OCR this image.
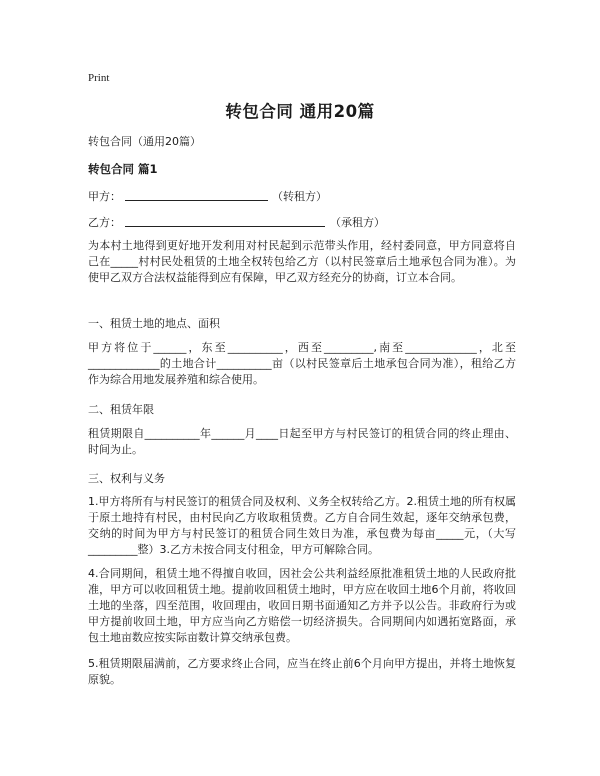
Print
转包合同 通用20篇
转包合同（通用20篇）
转包合同 篇1
甲方：	（转租方）
乙方：	（承租方）
为本村土地得到更好地开发利用对村民起到示范带头作用，经村委同意，甲方同意将自己在_____村村民处租赁的土地全权转包给乙方（以村民签章后土地承包合同为准）。为使甲乙双方合法权益能得到应有保障，甲乙双方经充分的协商，订立本合同。
一、租赁土地的地点、面积
甲方将位于______，东至__________，西至_________,南至_____________，北至_____________的土地合计__________亩（以村民签章后土地承包合同为准），租给乙方作为综合用地发展养殖和综合使用。
二、租赁年限
租赁期限自__________年______月____日起至甲方与村民签订的租赁合同的终止理由、时间为止。
三、权利与义务
1.甲方将所有与村民签订的租赁合同及权利、义务全权转给乙方。2.租赁土地的所有权属于原土地持有村民，由村民向乙方收取租赁费。乙方自合同生效起，逐年交纳承包费，交纳的时间为甲方与村民签订的租赁合同生效日为准，承包费为每亩_____元，（大写_________整）3.乙方未按合同支付租金，甲方可解除合同。
4.合同期间，租赁土地不得擅自收回，因社会公共利益经原批准租赁土地的人民政府批准，甲方可以收回租赁土地。提前收回租赁土地时，甲方应在收回土地6个月前，将收回土地的坐落，四至范围，收回理由，收回日期书面通知乙方并予以公告。非政府行为或甲方提前收回土地，甲方应当向乙方赔偿一切经济损失。合同期间内如遇拓宽路面，承包土地亩数应按实际亩数计算交纳承包费。
5.租赁期限届满前，乙方要求终止合同，应当在终止前6个月向甲方提出，并将土地恢复原貌。
